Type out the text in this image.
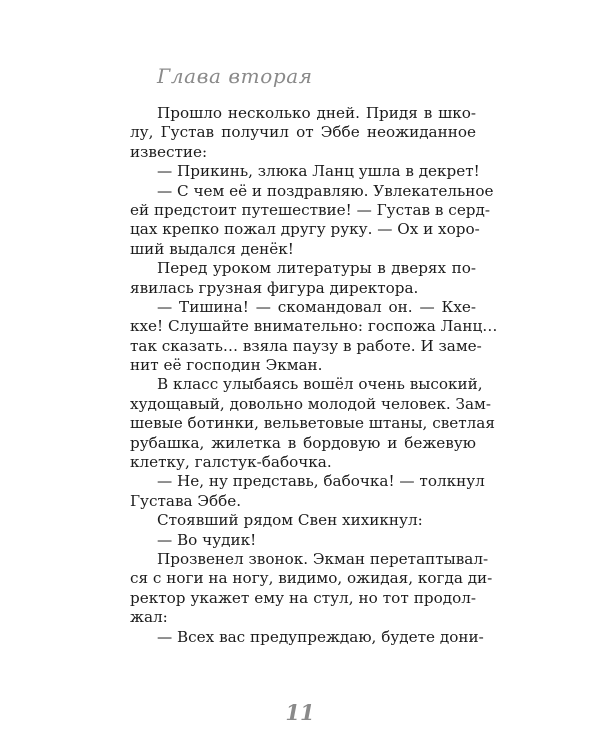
Глава вторая
Прошло несколько дней. Придя в шко-
лу, Густав получил от Эббе неожиданное
известие:
— Прикинь, злюка Ланц ушла в декрет!
— С чем её и поздравляю. Увлекательное
ей предстоит путешествие! — Густав в серд-
цах крепко пожал другу руку. — Ох и хоро-
ший выдался денёк!
Перед уроком литературы в дверях по-
явилась грузная фигура директора.
— Тишина! — скомандовал он. — Кхе-
кхе! Слушайте внимательно: госпожа Ланц…
так сказать… взяла паузу в работе. И заме-
нит её господин Экман.
В класс улыбаясь вошёл очень высокий,
худощавый, довольно молодой человек. Зам-
шевые ботинки, вельветовые штаны, светлая
рубашка, жилетка в бордовую и бежевую
клетку, галстук-бабочка.
— Не, ну представь, бабочка! — толкнул
Густава Эббе.
Стоявший рядом Свен хихикнул:
— Во чудик!
Прозвенел звонок. Экман перетаптывал-
ся с ноги на ногу, видимо, ожидая, когда ди-
ректор укажет ему на стул, но тот продол-
жал:
— Всех вас предупреждаю, будете дони-
11
